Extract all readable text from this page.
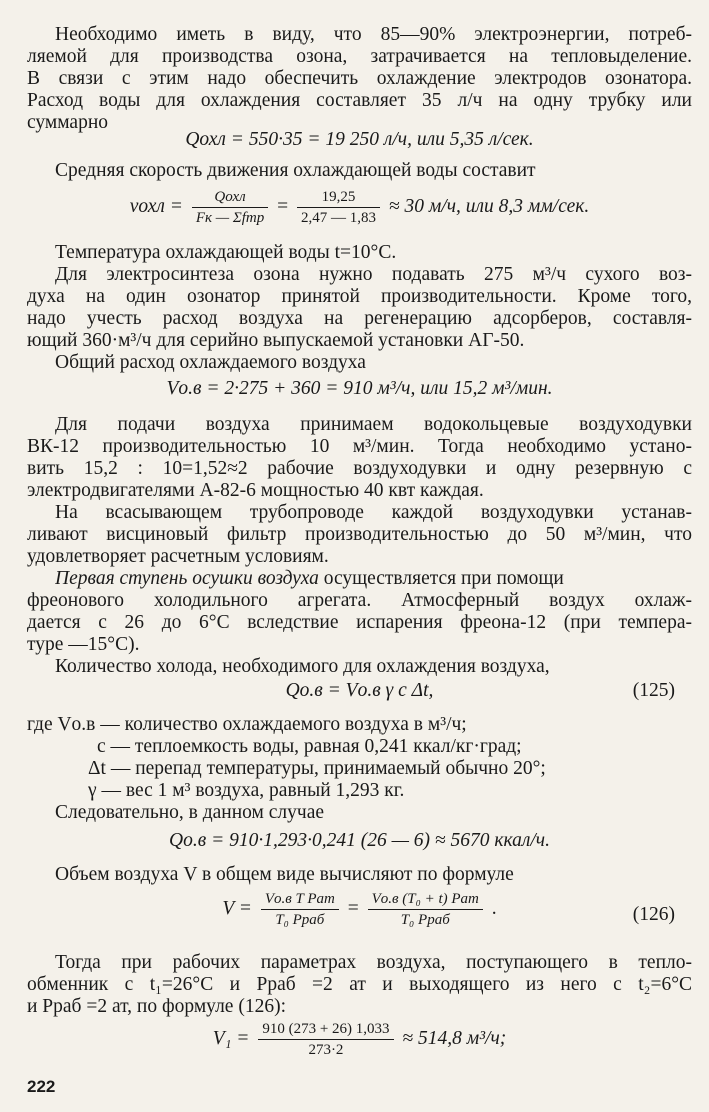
Необходимо иметь в виду, что 85—90% электроэнергии, потреб-
ляемой для производства озона, затрачивается на тепловыделение.
В связи с этим надо обеспечить охлаждение электродов озонатора.
Расход воды для охлаждения составляет 35 л/ч на одну трубку или
суммарно
Qохл = 550·35 = 19 250 л/ч, или 5,35 л/сек.
Средняя скорость движения охлаждающей воды составит
vохл = $\frac{\text{Qохл}}{\text{Fк — Σfтр}} = \frac{19,25}{2,47 — 1,83} \approx 30$ м/ч, или 8,3 мм/сек.
Температура охлаждающей воды t=10°С.
Для электросинтеза озона нужно подавать 275 м³/ч сухого воз-
духа на один озонатор принятой производительности. Кроме того,
надо учесть расход воздуха на регенерацию адсорберов, составля-
ющий 360·м³/ч для серийно выпускаемой установки АГ-50.
Общий расход охлаждаемого воздуха
Vо.в = 2·275 + 360 = 910 м³/ч, или 15,2 м³/мин.
Для подачи воздуха принимаем водокольцевые воздуходувки
ВК-12 производительностью 10 м³/мин. Тогда необходимо устано-
вить 15,2 : 10=1,52≈2 рабочие воздуходувки и одну резервную с
электродвигателями А-82-6 мощностью 40 квт каждая.
На всасывающем трубопроводе каждой воздуходувки устанав-
ливают висциновый фильтр производительностью до 50 м³/мин, что
удовлетворяет расчетным условиям.
Первая ступень осушки воздуха осуществляется при помощи
фреонового холодильного агрегата. Атмосферный воздух охлаж-
дается с 26 до 6°С вследствие испарения фреона-12 (при темпера-
туре —15°С).
Количество холода, необходимого для охлаждения воздуха,
Qо.в = Vо.в γ c Δt,	(125)
где Vо.в — количество охлаждаемого воздуха в м³/ч;
c — теплоемкость воды, равная 0,241 ккал/кг·град;
Δt — перепад температуры, принимаемый обычно 20°;
γ — вес 1 м³ воздуха, равный 1,293 кг.
Следовательно, в данном случае
Qо.в = 910·1,293·0,241 (26 — 6) ≈ 5670 ккал/ч.
Объем воздуха V в общем виде вычисляют по формуле
$V = \frac{\text{Vо.в T Pат}}{\text{T₀ Pраб}} = \frac{\text{Vо.в (T₀ + t) Pат}}{\text{T₀ Pраб}}$ .	(126)
Тогда при рабочих параметрах воздуха, поступающего в тепло-
обменник с t₁=26°С и Pраб =2 ат и выходящего из него с t₂=6°С
и Pраб =2 ат, по формуле (126):
$V_1 = \frac{910 (273 + 26) 1,033}{273\cdot 2} \approx 514,8$ м³/ч;
222
